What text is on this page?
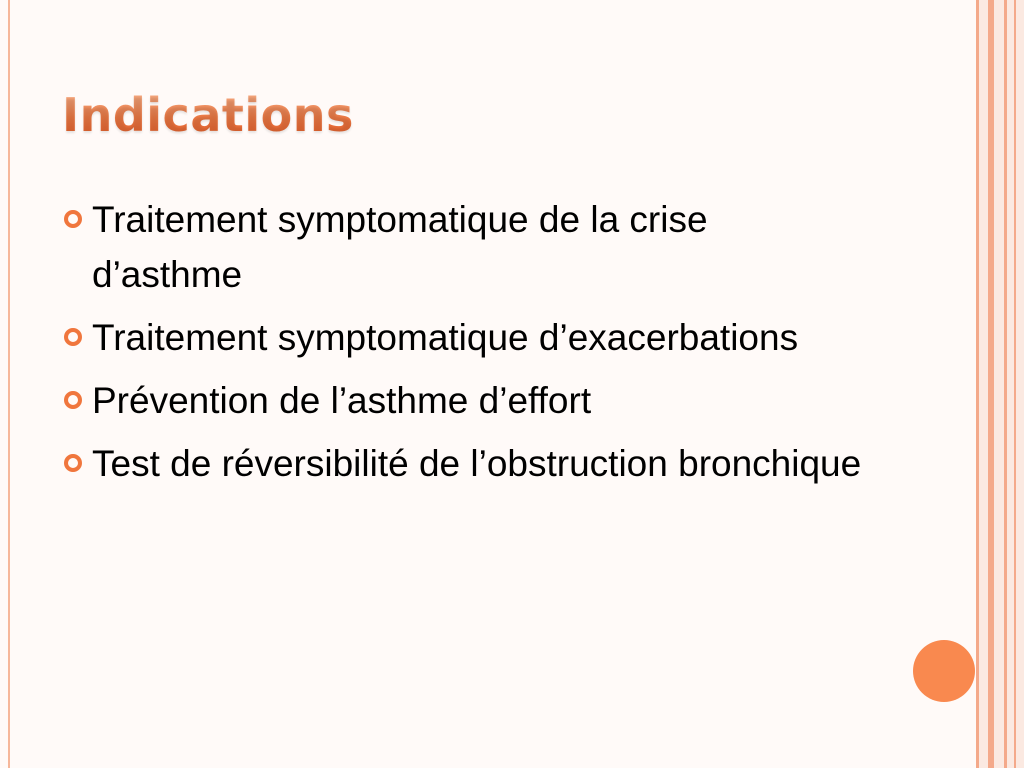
Indications
Traitement symptomatique de la crise d’asthme
Traitement symptomatique d’exacerbations
Prévention de l’asthme d’effort
Test de réversibilité de l’obstruction bronchique
